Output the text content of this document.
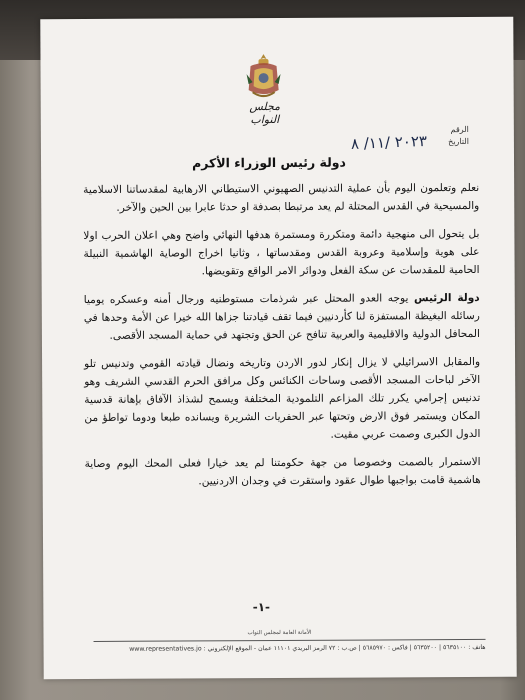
مجلس النواب
الرقم
التاريخ
٢٠٢٣ /١١/ ٨
دولة رئيس الوزراء الأكرم

نعلم وتعلمون اليوم بأن عملية التدنيس الصهيوني الاستيطاني الارهابية لمقدساتنا الاسلامية والمسيحية في القدس المحتلة لم يعد مرتبطا بصدفة او حدثا عابرا بين الحين والآخر.

بل يتحول الى منهجية دائمة ومتكررة ومستمرة هدفها النهائي واضح وهي اعلان الحرب اولا على هوية وإسلامية وعروبة القدس ومقدساتها ، وثانيا اخراج الوصاية الهاشمية النبيلة الحامية للمقدسات عن سكة الفعل ودوائر الامر الواقع وتقويضها.

دولة الرئيس يوجه العدو المحتل عبر شرذمات مستوطنيه ورجال أمنه وعسكره يوميا رسائله البغيظة المستفزة لنا كأردنيين فيما تقف قيادتنا جزاها الله خيرا عن الأمة وحدها في المحافل الدولية والاقليمية والعربية تنافح عن الحق وتجتهد في حماية المسجد الأقصى.

والمقابل الاسرائيلي لا يزال إنكار لدور الاردن وتاريخه ونضال قيادته القومي وتدنيس تلو الآخر لباحات المسجد الأقصى وساحات الكنائس وكل مرافق الحرم القدسي الشريف وهو تدنيس إجرامي يكرر تلك المزاعم التلمودية المختلفة ويسمح لشذاذ الآفاق بإهانة قدسية المكان ويستمر فوق الارض وتحتها عبر الحفريات الشريرة ويسانده طبعا ودوما تواطؤ من الدول الكبرى وصمت عربي مقيت.

الاستمرار بالصمت وخصوصا من جهة حكومتنا لم يعد خيارا فعلى المحك اليوم وصاية هاشمية قامت بواجبها طوال عقود واستقرت في وجدان الاردنيين.

-١-
الأمانة العامة لمجلس النواب
هاتف : ٥٦٣٥١٠٠ | ٥٦٣٥٢٠٠ | فاكس : ٥٦٨٥٩٧٠ | ص.ب : ٧٢ الرمز البريدي ١١١٠١ عمان - الموقع الإلكتروني : www.representatives.jo
